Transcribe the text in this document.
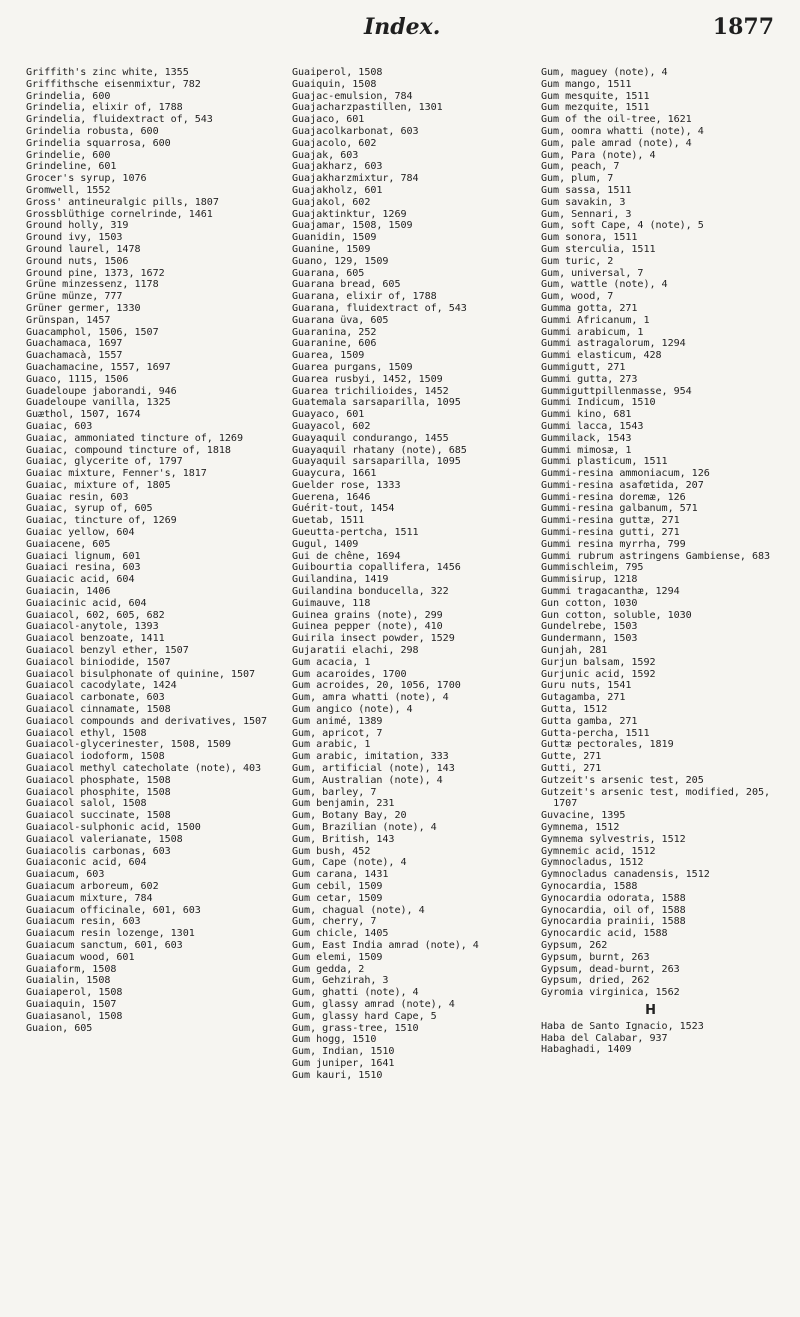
Index.	1877
Griffith's zinc white, 1355
Griffithsche eisenmixtur, 782
Grindelia, 600
Grindelia, elixir of, 1788
Grindelia, fluidextract of, 543
Grindelia robusta, 600
Grindelia squarrosa, 600
Grindelie, 600
Grindeline, 601
Grocer's syrup, 1076
Gromwell, 1552
Gross' antineuralgic pills, 1807
Grossblüthige cornelrinde, 1461
Ground holly, 319
Ground ivy, 1503
Ground laurel, 1478
Ground nuts, 1506
Ground pine, 1373, 1672
Grüne minzessenz, 1178
Grüne münze, 777
Grüner germer, 1330
Grünspan, 1457
Guacamphol, 1506, 1507
Guachamaca, 1697
Guachamacà, 1557
Guachamacine, 1557, 1697
Guaco, 1115, 1506
Guadeloupe jaborandi, 946
Guadeloupe vanilla, 1325
Guæthol, 1507, 1674
Guaiac, 603
Guaiac, ammoniated tincture of, 1269
Guaiac, compound tincture of, 1818
Guaiac, glycerite of, 1797
Guaiac mixture, Fenner's, 1817
Guaiac, mixture of, 1805
Guaiac resin, 603
Guaiac, syrup of, 605
Guaiac, tincture of, 1269
Guaiac yellow, 604
Guaiacene, 605
Guaiaci lignum, 601
Guaiaci resina, 603
Guaiacic acid, 604
Guaiacin, 1406
Guaiacinic acid, 604
Guaiacol, 602, 605, 682
Guaiacol-anytole, 1393
Guaiacol benzoate, 1411
Guaiacol benzyl ether, 1507
Guaiacol biniodide, 1507
Guaiacol bisulphonate of quinine, 1507
Guaiacol cacodylate, 1424
Guaiacol carbonate, 603
Guaiacol cinnamate, 1508
Guaiacol compounds and derivatives, 1507
Guaiacol ethyl, 1508
Guaiacol-glycerinester, 1508, 1509
Guaiacol iodoform, 1508
Guaiacol methyl catecholate (note), 403
Guaiacol phosphate, 1508
Guaiacol phosphite, 1508
Guaiacol salol, 1508
Guaiacol succinate, 1508
Guaiacol-sulphonic acid, 1500
Guaiacol valerianate, 1508
Guaiacolis carbonas, 603
Guaiaconic acid, 604
Guaiacum, 603
Guaiacum arboreum, 602
Guaiacum mixture, 784
Guaiacum officinale, 601, 603
Guaiacum resin, 603
Guaiacum resin lozenge, 1301
Guaiacum sanctum, 601, 603
Guaiacum wood, 601
Guaiaform, 1508
Guaialin, 1508
Guaiaperol, 1508
Guaiaquin, 1507
Guaiasanol, 1508
Guaion, 605
Guaiperol, 1508
Guaiquin, 1508
Guajac-emulsion, 784
Guajacharzpastillen, 1301
Guajaco, 601
Guajacolkarbonat, 603
Guajacolo, 602
Guajak, 603
Guajakharz, 603
Guajakharzmixtur, 784
Guajakholz, 601
Guajakol, 602
Guajaktinktur, 1269
Guajamar, 1508, 1509
Guanidin, 1509
Guanine, 1509
Guano, 129, 1509
Guarana, 605
Guarana bread, 605
Guarana, elixir of, 1788
Guarana, fluidextract of, 543
Guarana üva, 605
Guaranina, 252
Guaranine, 606
Guarea, 1509
Guarea purgans, 1509
Guarea rusbyi, 1452, 1509
Guarea trichilioides, 1452
Guatemala sarsaparilla, 1095
Guayaco, 601
Guayacol, 602
Guayaquil condurango, 1455
Guayaquil rhatany (note), 685
Guayaquil sarsaparilla, 1095
Guaycura, 1661
Guelder rose, 1333
Guerena, 1646
Guérit-tout, 1454
Guetab, 1511
Gueutta-pertcha, 1511
Gugul, 1409
Gui de chêne, 1694
Guibourtia copallifera, 1456
Guilandina, 1419
Guilandina bonducella, 322
Guimauve, 118
Guinea grains (note), 299
Guinea pepper (note), 410
Guirila insect powder, 1529
Gujaratii elachi, 298
Gum acacia, 1
Gum acaroides, 1700
Gum acroides, 20, 1056, 1700
Gum, amra whatti (note), 4
Gum angico (note), 4
Gum animé, 1389
Gum, apricot, 7
Gum arabic, 1
Gum arabic, imitation, 333
Gum, artificial (note), 143
Gum, Australian (note), 4
Gum, barley, 7
Gum benjamin, 231
Gum, Botany Bay, 20
Gum, Brazilian (note), 4
Gum, British, 143
Gum bush, 452
Gum, Cape (note), 4
Gum carana, 1431
Gum cebil, 1509
Gum cetar, 1509
Gum, chagual (note), 4
Gum, cherry, 7
Gum chicle, 1405
Gum, East India amrad (note), 4
Gum elemi, 1509
Gum gedda, 2
Gum, Gehzirah, 3
Gum, ghatti (note), 4
Gum, glassy amrad (note), 4
Gum, glassy hard Cape, 5
Gum, grass-tree, 1510
Gum hogg, 1510
Gum, Indian, 1510
Gum juniper, 1641
Gum kauri, 1510
Gum, maguey (note), 4
Gum mango, 1511
Gum mesquite, 1511
Gum mezquite, 1511
Gum of the oil-tree, 1621
Gum, oomra whatti (note), 4
Gum, pale amrad (note), 4
Gum, Para (note), 4
Gum, peach, 7
Gum, plum, 7
Gum sassa, 1511
Gum savakin, 3
Gum, Sennari, 3
Gum, soft Cape, 4 (note), 5
Gum sonora, 1511
Gum sterculia, 1511
Gum turic, 2
Gum, universal, 7
Gum, wattle (note), 4
Gum, wood, 7
Gumma gotta, 271
Gummi Africanum, 1
Gummi arabicum, 1
Gummi astragalorum, 1294
Gummi elasticum, 428
Gummigutt, 271
Gummi gutta, 273
Gummiguttpillenmasse, 954
Gummi Indicum, 1510
Gummi kino, 681
Gummi lacca, 1543
Gummilack, 1543
Gummi mimosæ, 1
Gummi plasticum, 1511
Gummi-resina ammoniacum, 126
Gummi-resina asafœtida, 207
Gummi-resina doremæ, 126
Gummi-resina galbanum, 571
Gummi-resina guttæ, 271
Gummi-resina gutti, 271
Gummi resina myrrha, 799
Gummi rubrum astringens Gambiense, 683
Gummischleim, 795
Gummisirup, 1218
Gummi tragacanthæ, 1294
Gun cotton, 1030
Gun cotton, soluble, 1030
Gundelrebe, 1503
Gundermann, 1503
Gunjah, 281
Gurjun balsam, 1592
Gurjunic acid, 1592
Guru nuts, 1541
Gutagamba, 271
Gutta, 1512
Gutta gamba, 271
Gutta-percha, 1511
Guttæ pectorales, 1819
Gutte, 271
Gutti, 271
Gutzeit's arsenic test, 205
Gutzeit's arsenic test, modified, 205, 1707
Guvacine, 1395
Gymnema, 1512
Gymnema sylvestris, 1512
Gymnemic acid, 1512
Gymnocladus, 1512
Gymnocladus canadensis, 1512
Gynocardia, 1588
Gynocardia odorata, 1588
Gynocardia, oil of, 1588
Gynocardia prainii, 1588
Gynocardic acid, 1588
Gypsum, 262
Gypsum, burnt, 263
Gypsum, dead-burnt, 263
Gypsum, dried, 262
Gyromia virginica, 1562
H
Haba de Santo Ignacio, 1523
Haba del Calabar, 937
Habaghadi, 1409
